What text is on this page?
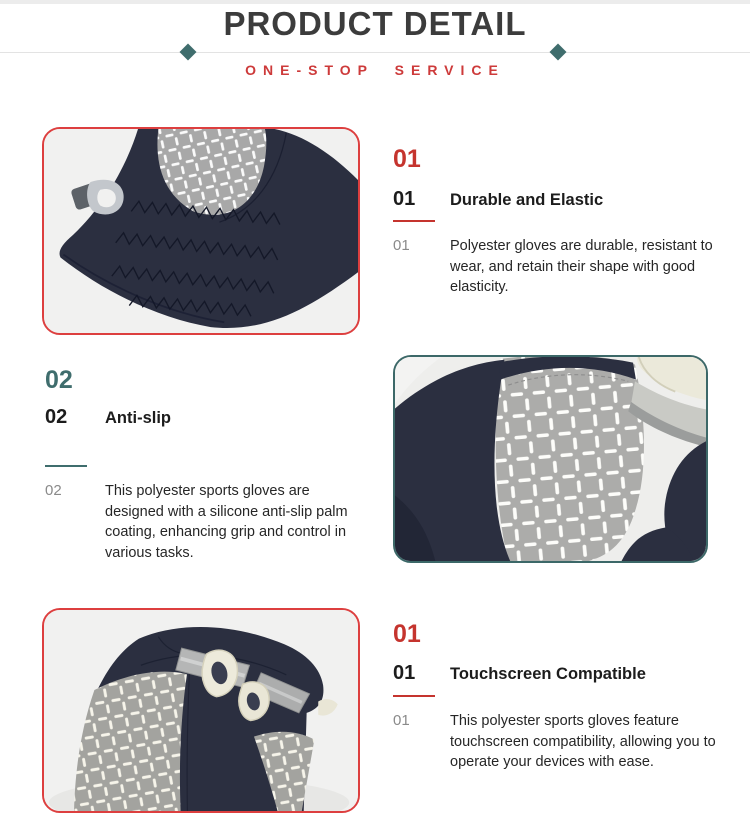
PRODUCT DETAIL
ONE-STOP SERVICE
01
01	Durable and Elastic
01	Polyester gloves are durable, resistant to wear, and retain their shape with good elasticity.

02
02	Anti-slip
02	This polyester sports gloves are designed with a silicone anti-slip palm coating, enhancing grip and control in various tasks.

01
01	Touchscreen Compatible
01	This polyester sports gloves feature touchscreen compatibility, allowing you to operate your devices with ease.
